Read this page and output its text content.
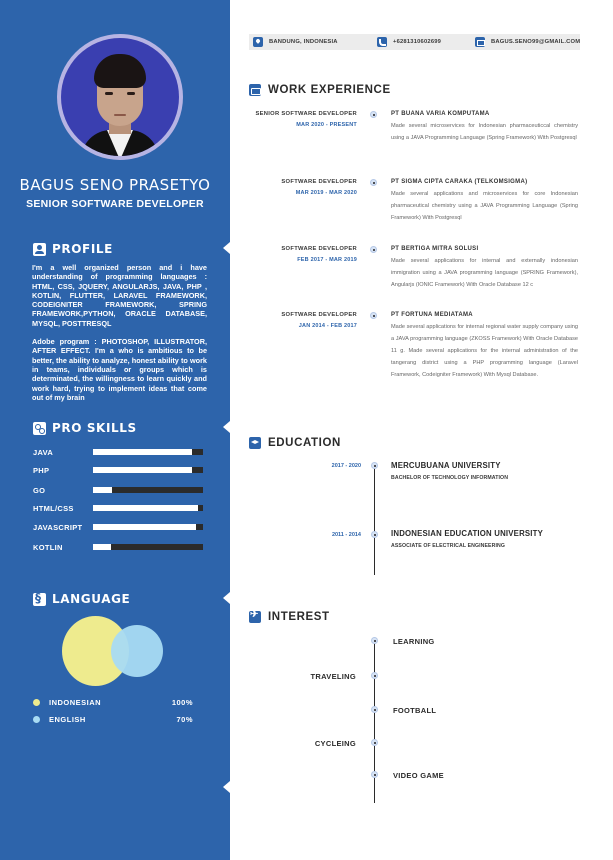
BAGUS SENO PRASETYO
SENIOR SOFTWARE DEVELOPER
PROFILE

I'm a well organized person and i have understanding of programming languages : HTML, CSS, JQUERY, ANGULARJS, JAVA, PHP , KOTLIN, FLUTTER, LARAVEL FRAMEWORK, CODEIGNITER FRAMEWORK, SPRING FRAMEWORK,PYTHON, ORACLE DATABASE, MYSQL, POSTTRESQL

Adobe program : PHOTOSHOP, ILLUSTRATOR, AFTER EFFECT. I'm a who is ambitious to be better, the ability to analyze, honest ability to work in teams, individuals or groups which is determinated, the willingness to learn quickly and work hard, trying to implement ideas that come out of my brain

PRO SKILLS
JAVA
PHP
GO
HTML/CSS
JAVASCRIPT
KOTLIN
§
LANGUAGE
INDONESIAN	100%
ENGLISH	70%
BANDUNG, INDONESIA	+6281310602699	BAGUS.SENO99@GMAIL.COM
WORK EXPERIENCE
SENIOR SOFTWARE DEVELOPER
MAR 2020 - PRESENT
PT BUANA VARIA KOMPUTAMA
Made several microservices for Indonesian pharmaceuticcal chemistry using a JAVA Programming Language (Spring Framework) With Postgresql
SOFTWARE DEVELOPER
MAR 2019 - MAR 2020
PT SIGMA CIPTA CARAKA (TELKOMSIGMA)
Made several applications and microservices for core Indonesian pharmaceutical chemistry using a JAVA Programming Language (Spring Framework) With Postgresql
SOFTWARE DEVELOPER
FEB 2017 - MAR 2019
PT BERTIGA MITRA SOLUSI
Made several applications for internal and externally indonesian immigration using a JAVA programming language (SPRING Framework), Angularjs (IONIC Framework) With Oracle Database 12 c
SOFTWARE DEVELOPER
JAN 2014 - FEB 2017
PT FORTUNA MEDIATAMA
Made several applications for internal regional water supply company using a JAVA programming language (ZKOSS Framework) With Oracle Database 11 g. Made several applications for the internal administration of the tangerang district using a PHP programming language (Laravel Framework, Codeigniter Framework) With Mysql Database.
EDUCATION
2017 - 2020	MERCUBUANA UNIVERSITY
BACHELOR OF TECHNOLOGY INFORMATION
2011 - 2014	INDONESIAN EDUCATION UNIVERSITY
ASSOCIATE OF ELECTRICAL ENGINEERING
✈
INTEREST
LEARNING
TRAVELING
FOOTBALL
CYCLEING
VIDEO GAME
